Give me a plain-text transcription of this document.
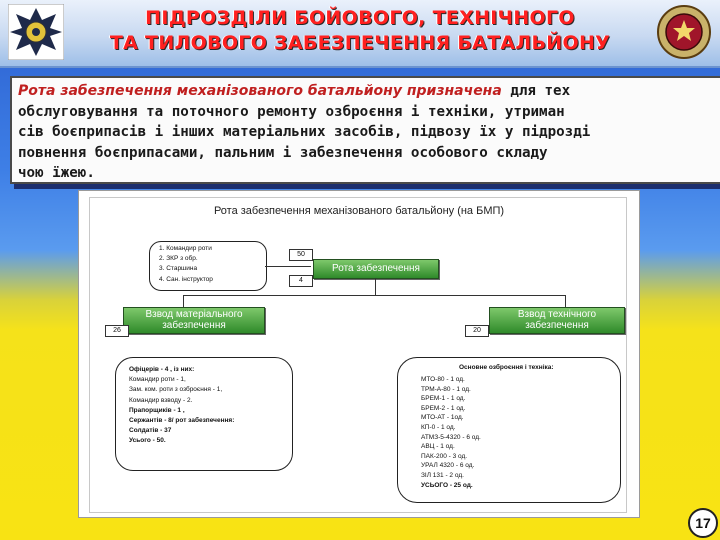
ПІДРОЗДІЛИ БОЙОВОГО, ТЕХНІЧНОГО
ТА ТИЛОВОГО ЗАБЕЗПЕЧЕННЯ БАТАЛЬЙОНУ
Рота забезпечення механізованого батальйону призначена для тех
обслуговування та поточного ремонту озброєння і техніки, утриман
сів боєприпасів і інших матеріальних засобів, підвозу їх у підрозді
повнення боєприпасами, пальним і забезпечення особового складу
чою їжею.
Рота забезпечення механізованого батальйону (на БМП)
1. Командир роти
2. ЗКР з обр.
3. Старшина
4. Сан. інструктор
50
4
Рота забезпечення
Взвод матеріального
забезпечення
26
Взвод технічного
забезпечення
20
Офіцерів - 4 , із них:
Командир роти - 1,
Зам. ком. роти з озброєння - 1,
Командир взводу - 2.
Прапорщиків - 1 ,
Сержантів - 8/ рот забезпечення:
Солдатів - 37
Усього - 50.
Основне озброєння і техніка:
МТО-80 - 1 од.
ТРМ-А-80 - 1 од.
БРЕМ-1 - 1 од.
БРЕМ-2 - 1 од.
МТО-АТ - 1од.
КП-0 - 1 од.
АТМЗ-5-4320 - 6 од.
АВЦ - 1 од.
ПАК-200 - 3 од.
УРАЛ 4320 - 6 од.
ЗІЛ 131 - 2 од.
УСЬОГО - 25 од.
17
